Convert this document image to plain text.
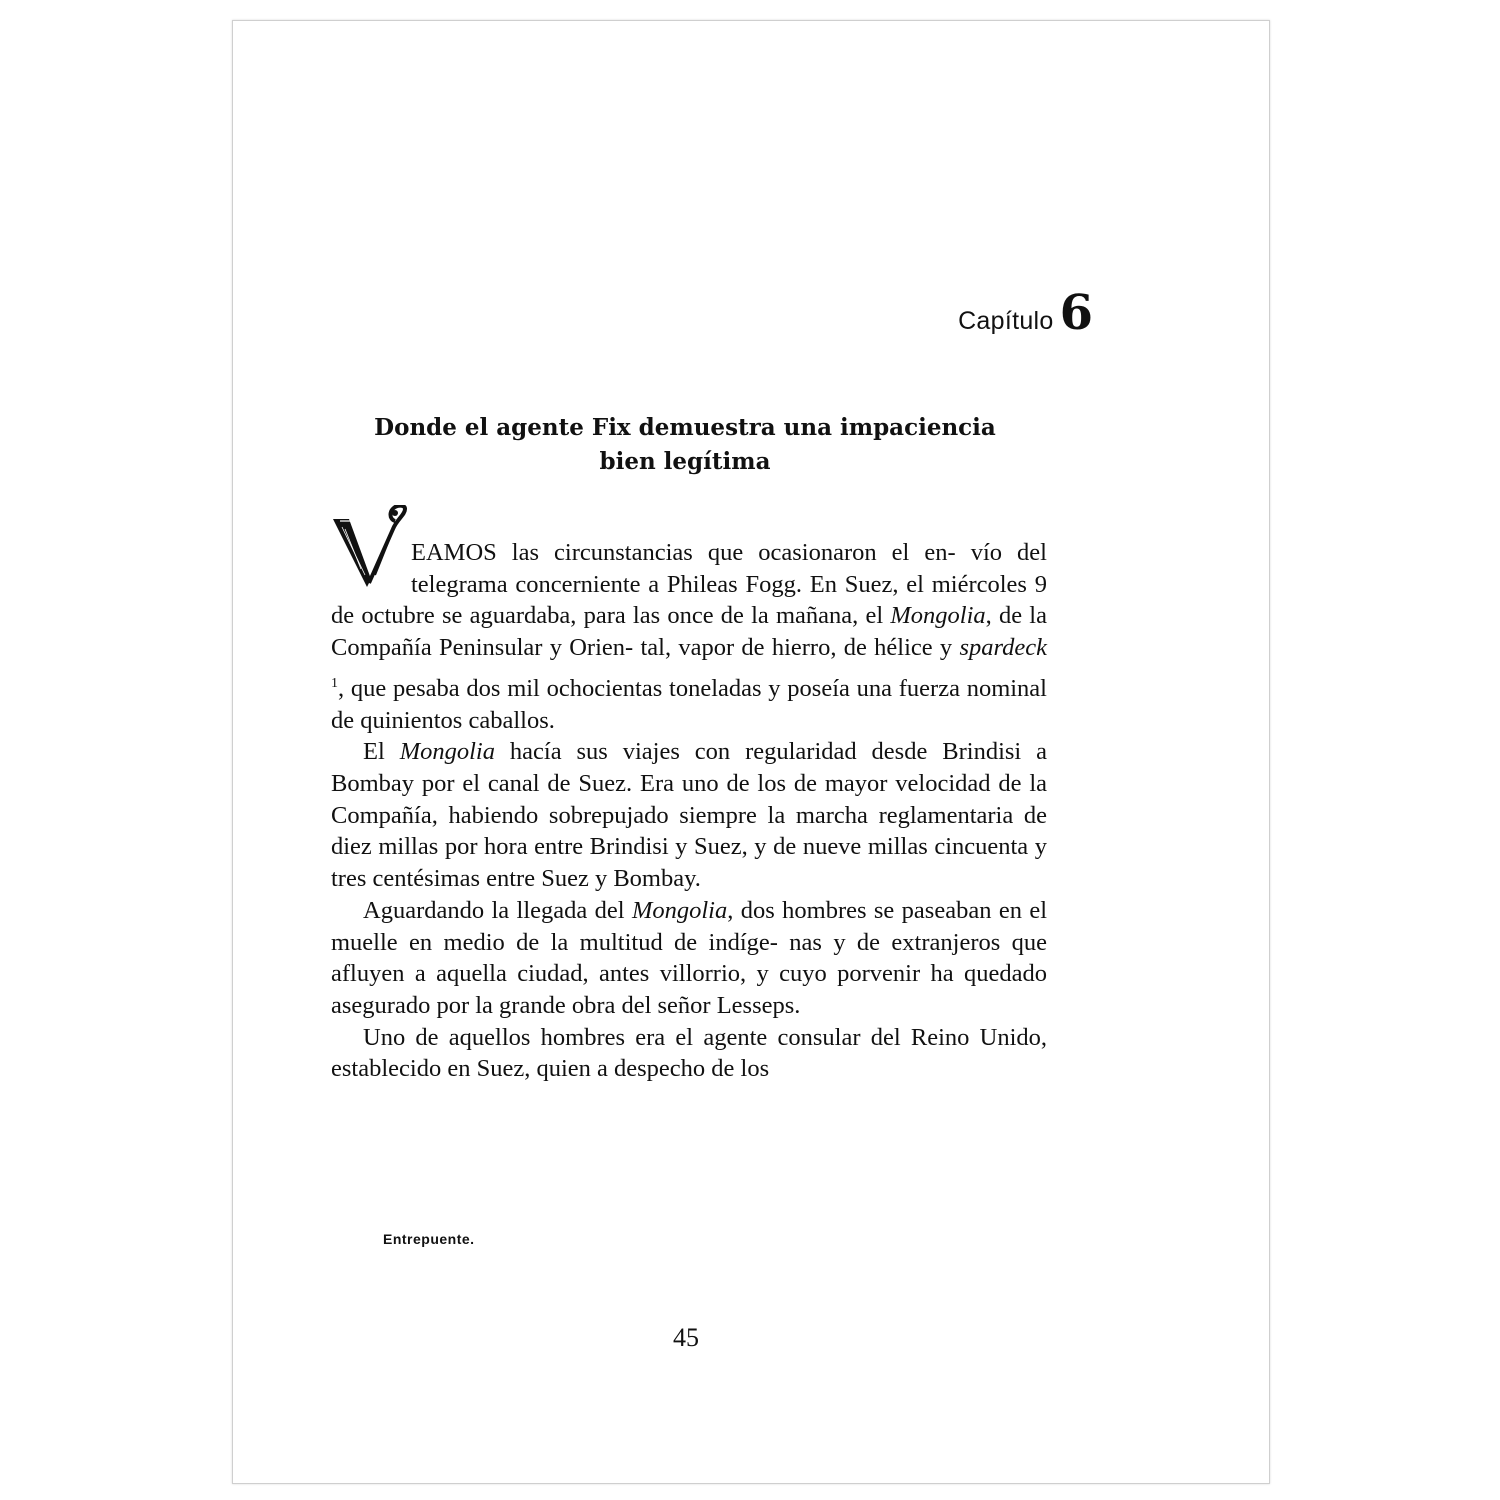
Capítulo 6
Donde el agente Fix demuestra una impaciencia
bien legítima

EAMOS las circunstancias que ocasionaron el en- vío del telegrama concerniente a Phileas Fogg. En Suez, el miércoles 9 de octubre se aguardaba, para las once de la mañana, el Mongolia, de la Compañía Peninsular y Orien- tal, vapor de hierro, de hélice y spardeck $^1$, que pesaba dos mil ochocientas toneladas y poseía una fuerza nominal de quinientos caballos.

El Mongolia hacía sus viajes con regularidad desde Brindisi a Bombay por el canal de Suez. Era uno de los de mayor velocidad de la Compañía, habiendo sobrepujado siempre la marcha reglamentaria de diez millas por hora entre Brindisi y Suez, y de nueve millas cincuenta y tres centésimas entre Suez y Bombay.

Aguardando la llegada del Mongolia, dos hombres se paseaban en el muelle en medio de la multitud de indíge- nas y de extranjeros que afluyen a aquella ciudad, antes villorrio, y cuyo porvenir ha quedado asegurado por la grande obra del señor Lesseps.

Uno de aquellos hombres era el agente consular del Reino Unido, establecido en Suez, quien a despecho de los

Entrepuente.
45
